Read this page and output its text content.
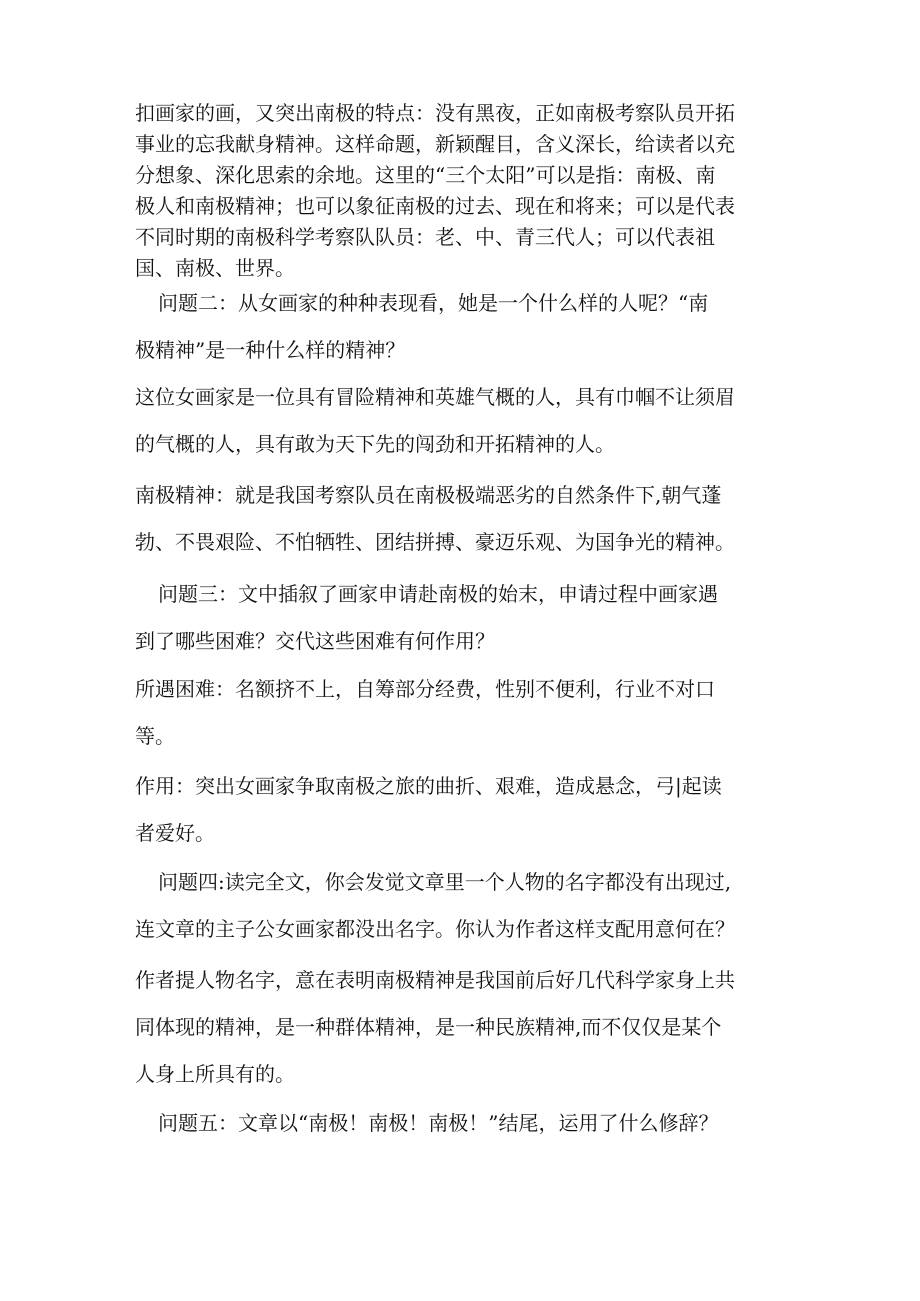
扣画家的画，又突出南极的特点：没有黑夜，正如南极考察队员开拓
事业的忘我献身精神。这样命题，新颖醒目，含义深长，给读者以充
分想象、深化思索的余地。这里的“三个太阳”可以是指：南极、南
极人和南极精神；也可以象征南极的过去、现在和将来；可以是代表
不同时期的南极科学考察队队员：老、中、青三代人；可以代表祖
国、南极、世界。
问题二：从女画家的种种表现看，她是一个什么样的人呢？“南
极精神”是一种什么样的精神？
这位女画家是一位具有冒险精神和英雄气概的人，具有巾帼不让须眉
的气概的人，具有敢为天下先的闯劲和开拓精神的人。
南极精神：就是我国考察队员在南极极端恶劣的自然条件下,朝气蓬
勃、不畏艰险、不怕牺牲、团结拼搏、豪迈乐观、为国争光的精神。
问题三：文中插叙了画家申请赴南极的始末，申请过程中画家遇
到了哪些困难？交代这些困难有何作用？
所遇困难：名额挤不上，自筹部分经费，性别不便利，行业不对口
等。
作用：突出女画家争取南极之旅的曲折、艰难，造成悬念，弓|起读
者爱好。
问题四:读完全文，你会发觉文章里一个人物的名字都没有出现过,
连文章的主子公女画家都没出名字。你认为作者这样支配用意何在？
作者提人物名字，意在表明南极精神是我国前后好几代科学家身上共
同体现的精神，是一种群体精神，是一种民族精神,而不仅仅是某个
人身上所具有的。
问题五：文章以“南极！南极！南极！”结尾，运用了什么修辞？
